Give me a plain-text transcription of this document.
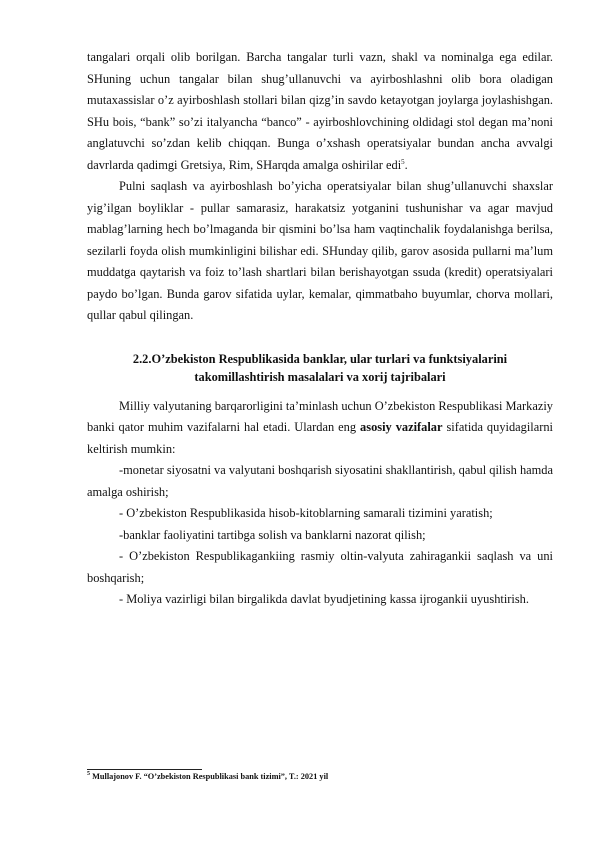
tangalari orqali olib borilgan. Barcha tangalar turli vazn, shakl va nominalga ega edilar. SHuning uchun tangalar bilan shug’ullanuvchi va ayirboshlashni olib bora oladigan mutaxassislar o’z ayirboshlash stollari bilan qizg’in savdo ketayotgan joylarga joylashishgan. SHu bois, “bank” so’zi italyancha “banco” - ayirboshlovchining oldidagi stol degan ma’noni anglatuvchi so’zdan kelib chiqqan. Bunga o’xshash operatsiyalar bundan ancha avvalgi davrlarda qadimgi Gretsiya, Rim, SHarqda amalga oshirilar edi$^5$.

Pulni saqlash va ayirboshlash bo’yicha operatsiyalar bilan shug’ullanuvchi shaxslar yig’ilgan boyliklar - pullar samarasiz, harakatsiz yotganini tushunishar va agar mavjud mablag’larning hech bo’lmaganda bir qismini bo’lsa ham vaqtinchalik foydalanishga berilsa, sezilarli foyda olish mumkinligini bilishar edi. SHunday qilib, garov asosida pullarni ma’lum muddatga qaytarish va foiz to’lash shartlari bilan berishayotgan ssuda (kredit) operatsiyalari paydo bo’lgan. Bunda garov sifatida uylar, kemalar, qimmatbaho buyumlar, chorva mollari, qullar qabul qilingan.

2.2.O’zbekiston Respublikasida banklar, ular turlari va funktsiyalarini
takomillashtirish masalalari va xorij tajribalari

Milliy valyutaning barqarorligini ta’minlash uchun O’zbekiston Respublikasi Markaziy banki qator muhim vazifalarni hal etadi. Ulardan eng asosiy vazifalar sifatida quyidagilarni keltirish mumkin:

-monetar siyosatni va valyutani boshqarish siyosatini shakllantirish, qabul qilish hamda amalga oshirish;
- O’zbekiston Respublikasida hisob-kitoblarning samarali tizimini yaratish;
-banklar faoliyatini tartibga solish va banklarni nazorat qilish;
- O’zbekiston Respublikagankiing rasmiy oltin-valyuta zahiragankii saqlash va uni boshqarish;
- Moliya vazirligi bilan birgalikda davlat byudjetining kassa ijrogankii uyushtirish.
$^5$ Mullajonov F. “O’zbekiston Respublikasi bank tizimi”, T.: 2021 yil
